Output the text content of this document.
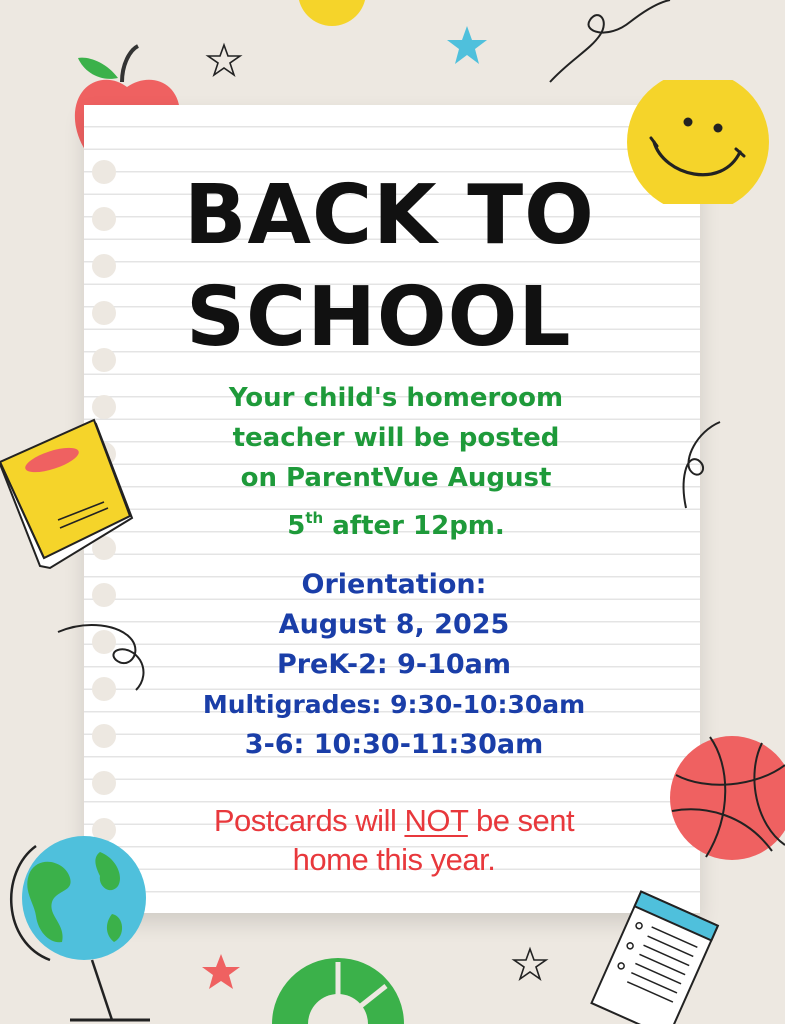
BACK TO
SCHOOL

Your child's homeroom
teacher will be posted
on ParentVue August
5th after 12pm.

Orientation:
August 8, 2025
PreK-2: 9-10am
Multigrades: 9:30-10:30am
3-6: 10:30-11:30am
Postcards will NOT be sent
home this year.
